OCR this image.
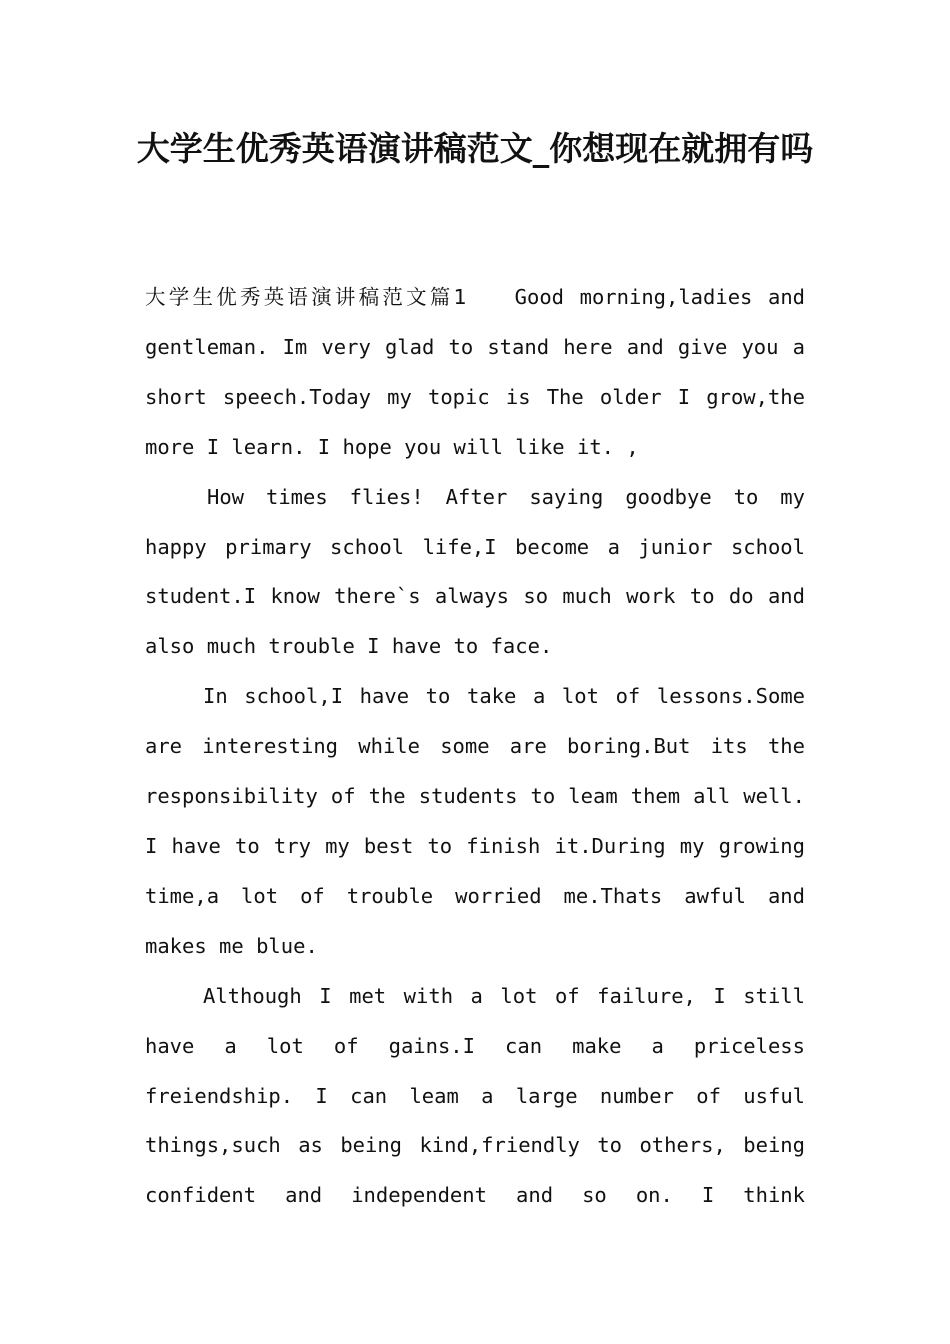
大学生优秀英语演讲稿范文_你想现在就拥有吗

大学生优秀英语演讲稿范文篇1 Good morning,ladies and gentleman. Im very glad to stand here and give you a short speech.Today my topic is The older I grow,the more I learn. I hope you will like it. ,

How times flies! After saying goodbye to my happy primary school life,I become a junior school student.I know there`s always so much work to do and also much trouble I have to face.

In school,I have to take a lot of lessons.Some are interesting while some are boring.But its the responsibility of the students to leam them all well. I have to try my best to finish it.During my growing time,a lot of trouble worried me.Thats awful and makes me blue.

Although I met with a lot of failure, I still have a lot of gains.I can make a priceless freiendship. I can leam a large number of usful things,such as being kind,friendly to others, being confident and independent and so on. I think
